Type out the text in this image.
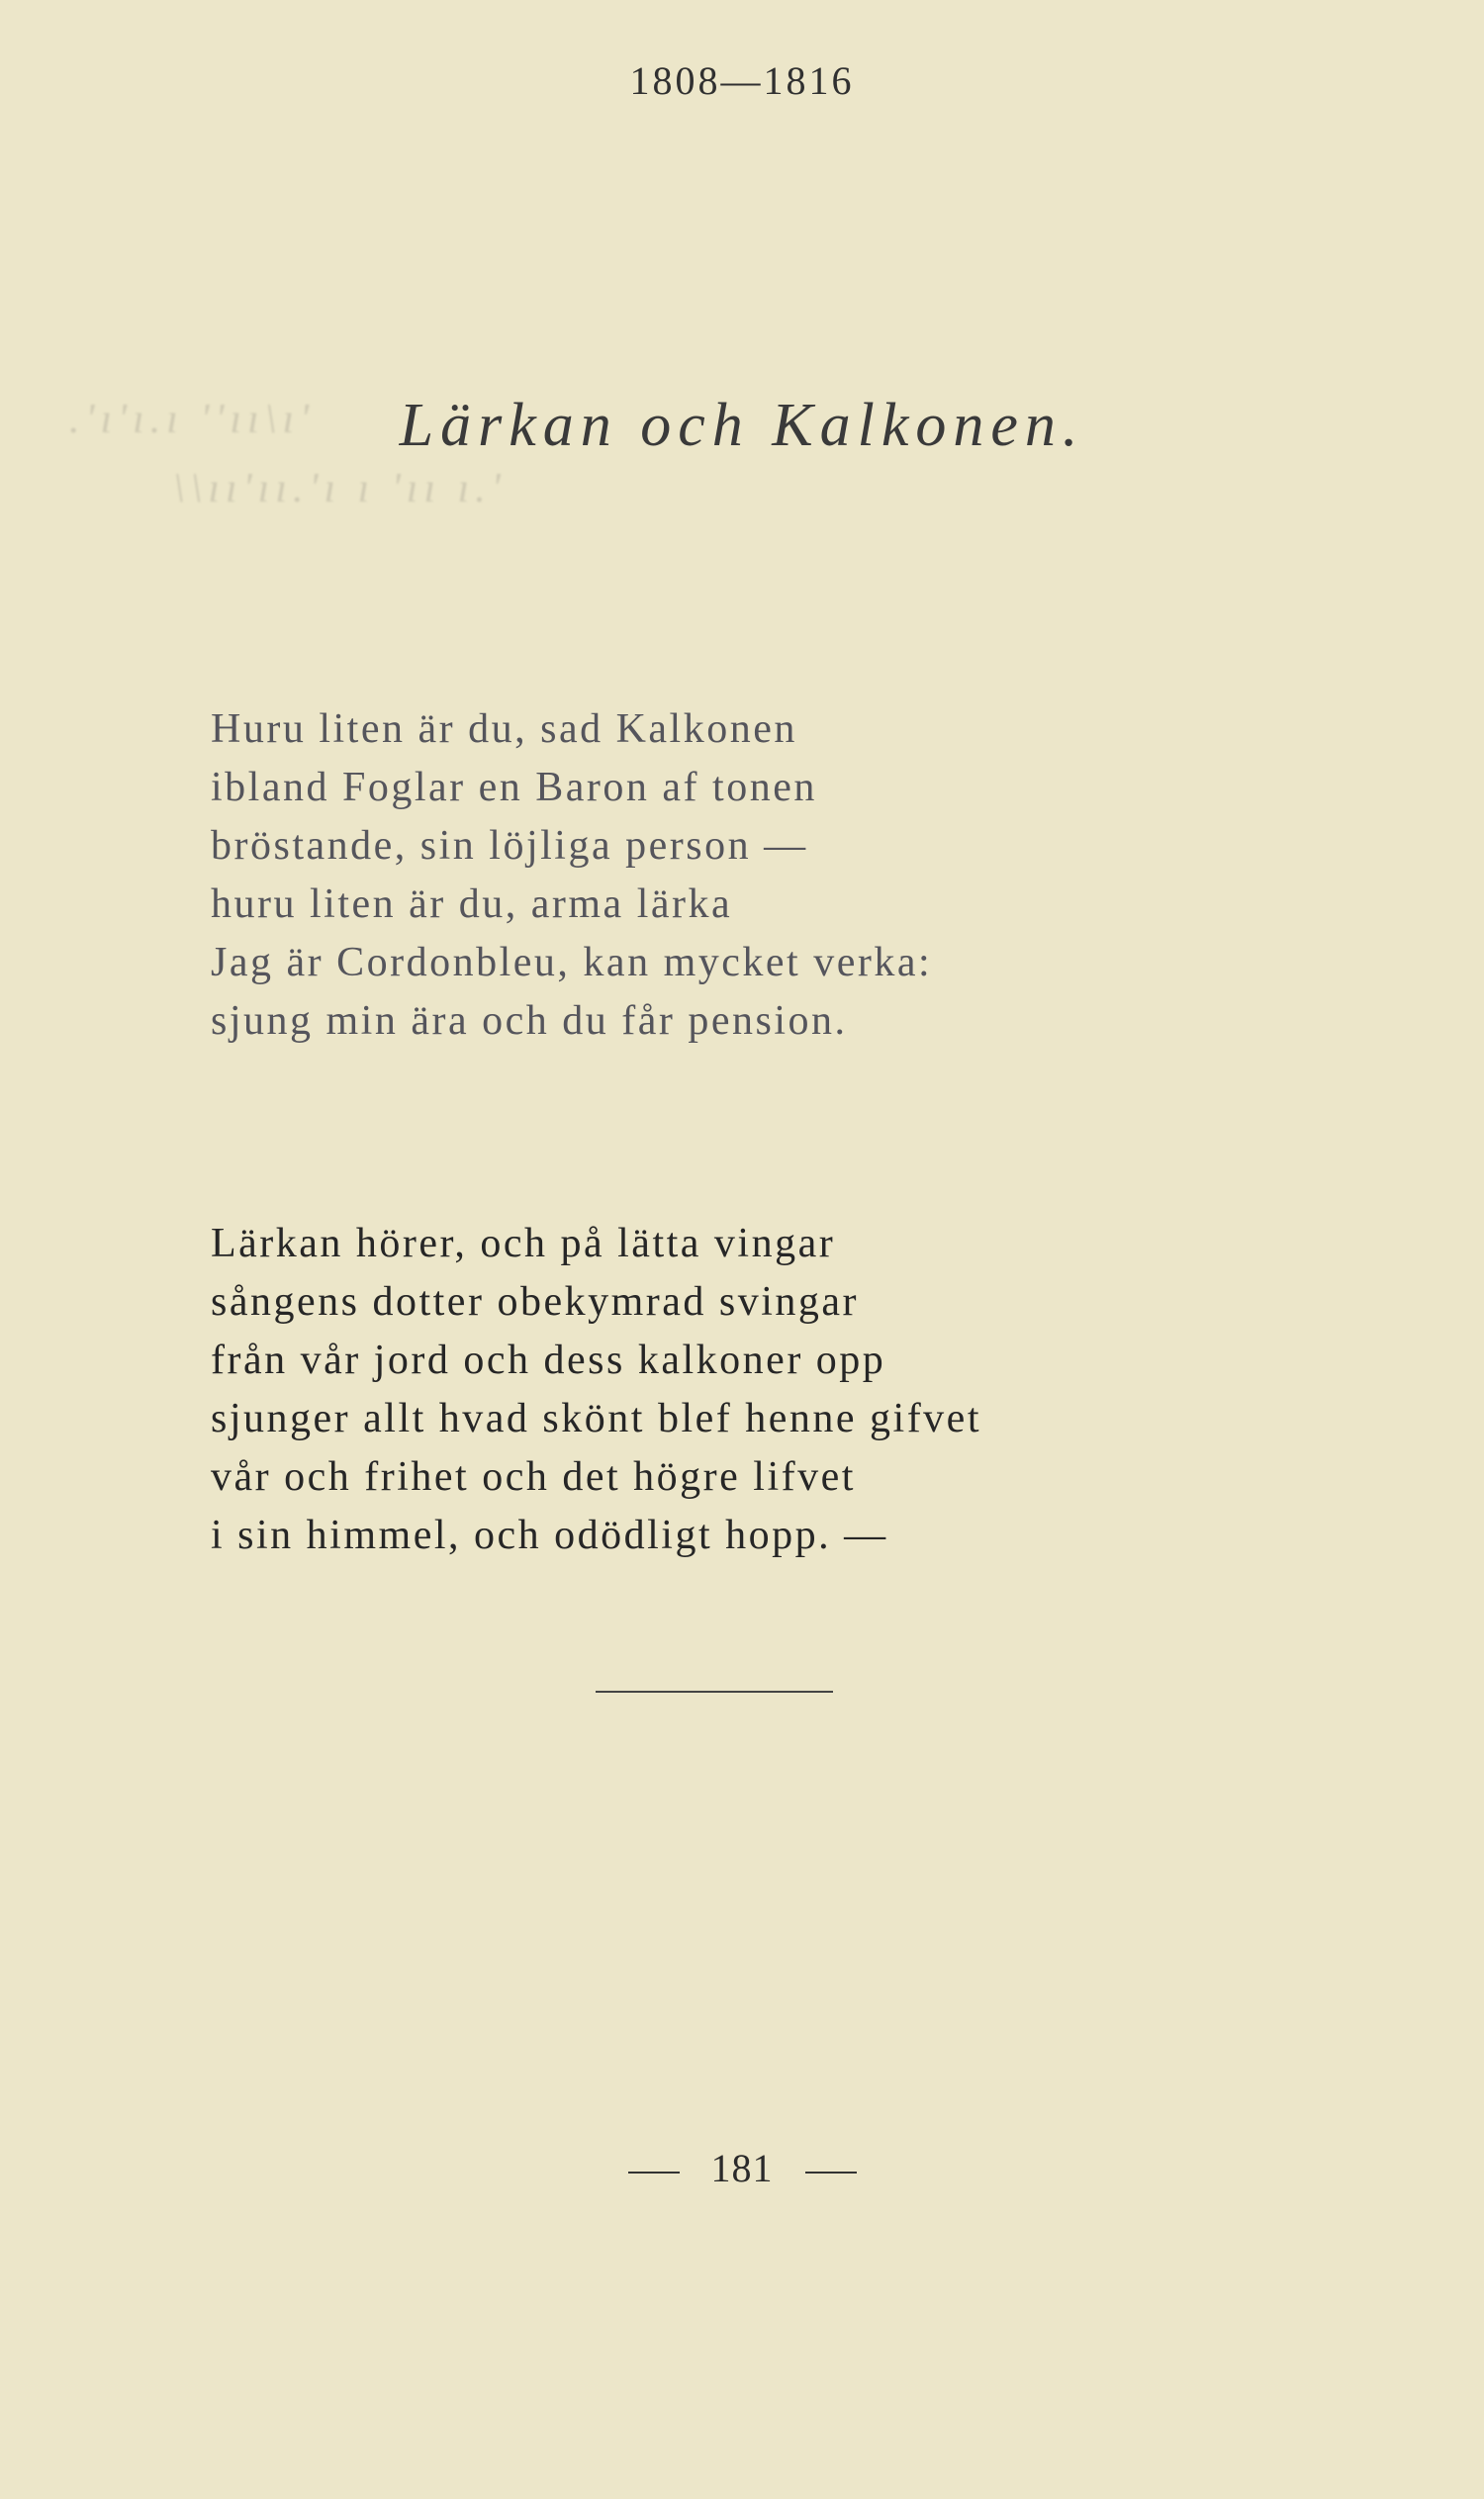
1808—1816
.'ı'ı.ı ''ıı\ı'
\\ıı'ıı.'ı ı 'ıı ı.'
Lärkan och Kalkonen.
Huru liten är du, sad Kalkonen
ibland Foglar en Baron af tonen
bröstande, sin löjliga person —
huru liten är du, arma lärka
Jag är Cordonbleu, kan mycket verka:
sjung min ära och du får pension.
Lärkan hörer, och på lätta vingar
sångens dotter obekymrad svingar
från vår jord och dess kalkoner opp
sjunger allt hvad skönt blef henne gifvet
vår och frihet och det högre lifvet
i sin himmel, och odödligt hopp. —
181
